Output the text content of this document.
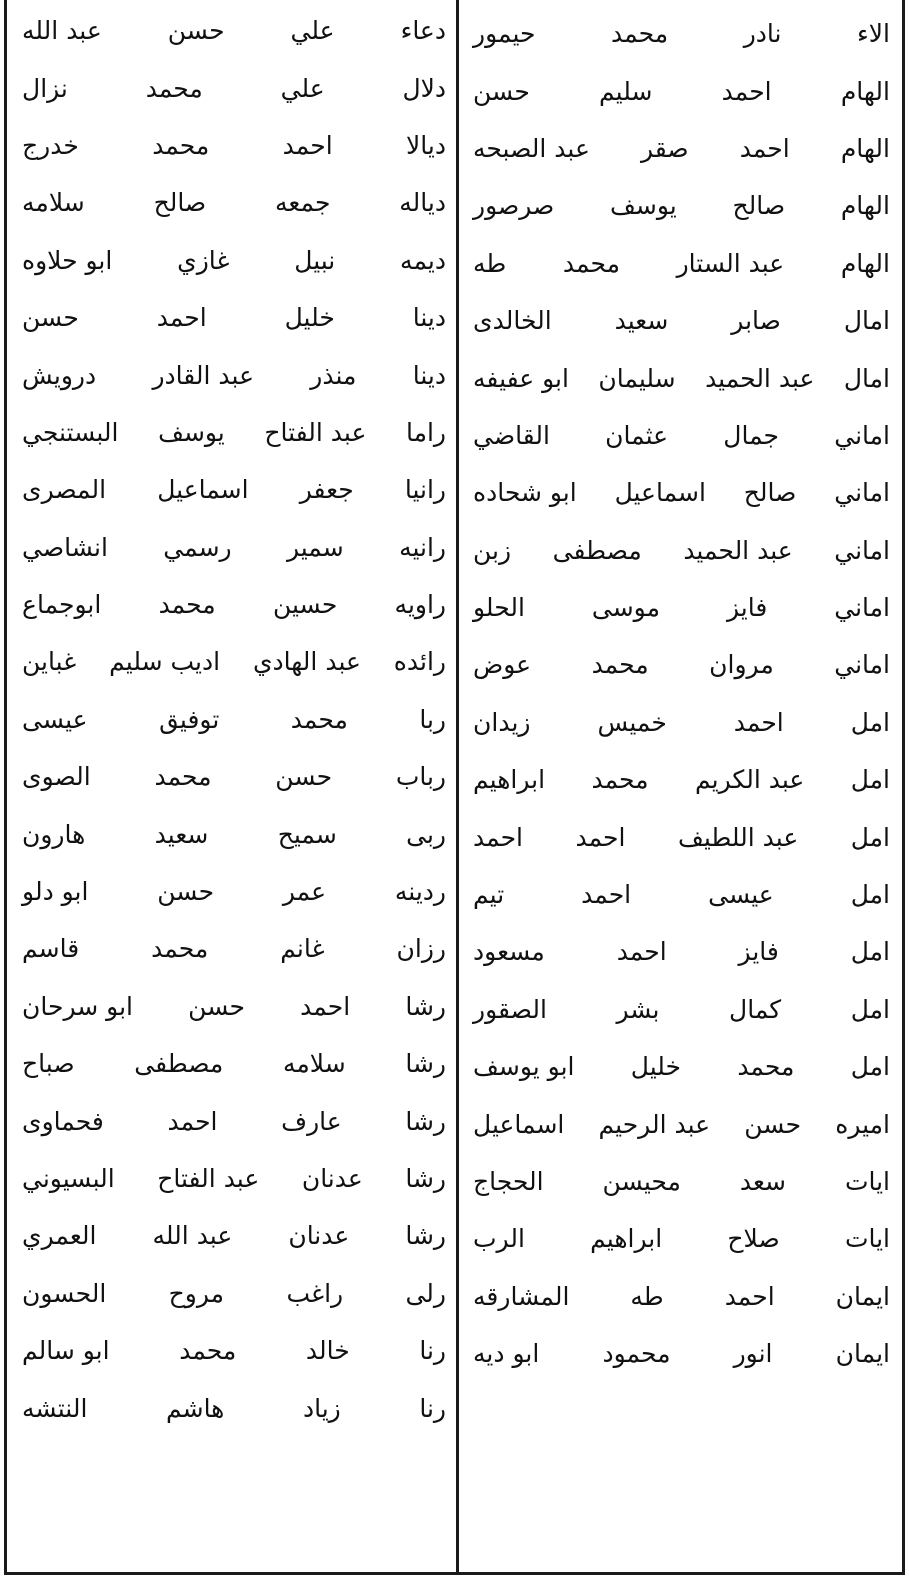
الاء
نادر
محمد
حيمور
الهام
احمد
سليم
حسن
الهام
احمد
صقر
عبد الصبحه
الهام
صالح
يوسف
صرصور
الهام
عبد الستار
محمد
طه
امال
صابر
سعيد
الخالدى
امال
عبد الحميد
سليمان
ابو عفيفه
اماني
جمال
عثمان
القاضي
اماني
صالح
اسماعيل
ابو شحاده
اماني
عبد الحميد
مصطفى
زبن
اماني
فايز
موسى
الحلو
اماني
مروان
محمد
عوض
امل
احمد
خميس
زيدان
امل
عبد الكريم
محمد
ابراهيم
امل
عبد اللطيف
احمد
احمد
امل
عيسى
احمد
تيم
امل
فايز
احمد
مسعود
امل
كمال
بشر
الصقور
امل
محمد
خليل
ابو يوسف
اميره
حسن
عبد الرحيم
اسماعيل
ايات
سعد
محيسن
الحجاج
ايات
صلاح
ابراهيم
الرب
ايمان
احمد
طه
المشارقه
ايمان
انور
محمود
ابو ديه
دعاء
علي
حسن
عبد الله
دلال
علي
محمد
نزال
ديالا
احمد
محمد
خدرج
دياله
جمعه
صالح
سلامه
ديمه
نبيل
غازي
ابو حلاوه
دينا
خليل
احمد
حسن
دينا
منذر
عبد القادر
درويش
راما
عبد الفتاح
يوسف
البستنجي
رانيا
جعفر
اسماعيل
المصرى
رانيه
سمير
رسمي
انشاصي
راويه
حسين
محمد
ابوجماع
رائده
عبد الهادي
اديب سليم
غباين
ربا
محمد
توفيق
عيسى
رباب
حسن
محمد
الصوى
ربى
سميح
سعيد
هارون
ردينه
عمر
حسن
ابو دلو
رزان
غانم
محمد
قاسم
رشا
احمد
حسن
ابو سرحان
رشا
سلامه
مصطفى
صباح
رشا
عارف
احمد
فحماوى
رشا
عدنان
عبد الفتاح
البسيوني
رشا
عدنان
عبد الله
العمري
رلى
راغب
مروح
الحسون
رنا
خالد
محمد
ابو سالم
رنا
زياد
هاشم
النتشه
